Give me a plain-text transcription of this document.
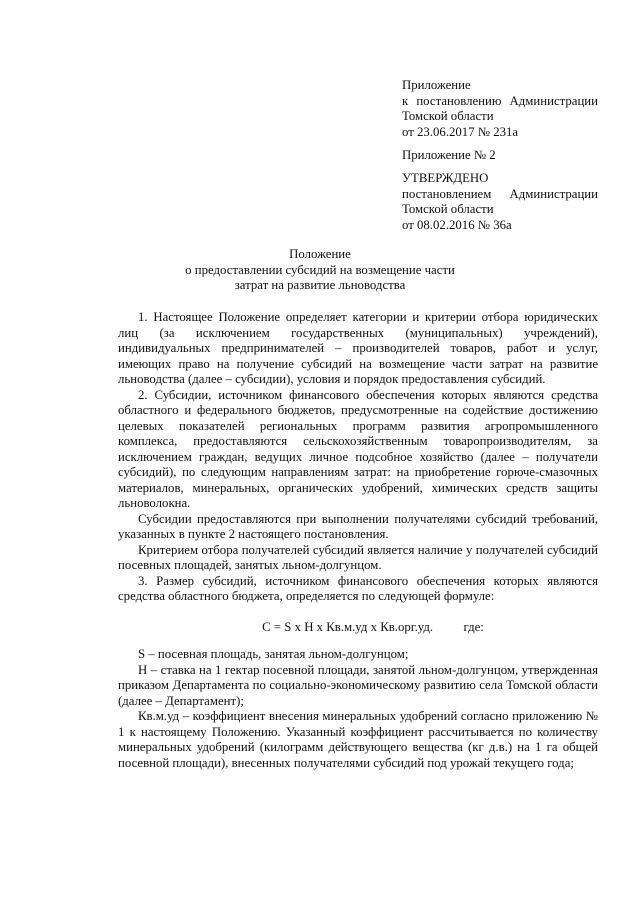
Приложение
к постановлению Администрации
Томской области
от 23.06.2017 № 231а
Приложение № 2
УТВЕРЖДЕНО
постановлением Администрации
Томской области
от 08.02.2016 № 36а
Положение
о предоставлении субсидий на возмещение части
затрат на развитие льноводства

1. Настоящее Положение определяет категории и критерии отбора юридических лиц (за исключением государственных (муниципальных) учреждений), индивидуальных предпринимателей – производителей товаров, работ и услуг, имеющих право на получение субсидий на возмещение части затрат на развитие льноводства (далее – субсидии), условия и порядок предоставления субсидий.

2. Субсидии, источником финансового обеспечения которых являются средства областного и федерального бюджетов, предусмотренные на содействие достижению целевых показателей региональных программ развития агропромышленного комплекса, предоставляются сельскохозяйственным товаропроизводителям, за исключением граждан, ведущих личное подсобное хозяйство (далее – получатели субсидий), по следующим направлениям затрат: на приобретение горюче-смазочных материалов, минеральных, органических удобрений, химических средств защиты льноволокна.

Субсидии предоставляются при выполнении получателями субсидий требований, указанных в пункте 2 настоящего постановления.

Критерием отбора получателей субсидий является наличие у получателей субсидий посевных площадей, занятых льном-долгунцом.

3. Размер субсидий, источником финансового обеспечения которых являются средства областного бюджета, определяется по следующей формуле:

С = S х Н х Кв.м.уд х Кв.орг.уд. где:

S – посевная площадь, занятая льном-долгунцом;

Н – ставка на 1 гектар посевной площади, занятой льном-долгунцом, утвержденная приказом Департамента по социально-экономическому развитию села Томской области (далее – Департамент);

Кв.м.уд – коэффициент внесения минеральных удобрений согласно приложению № 1 к настоящему Положению. Указанный коэффициент рассчитывается по количеству минеральных удобрений (килограмм действующего вещества (кг д.в.) на 1 га общей посевной площади), внесенных получателями субсидий под урожай текущего года;
